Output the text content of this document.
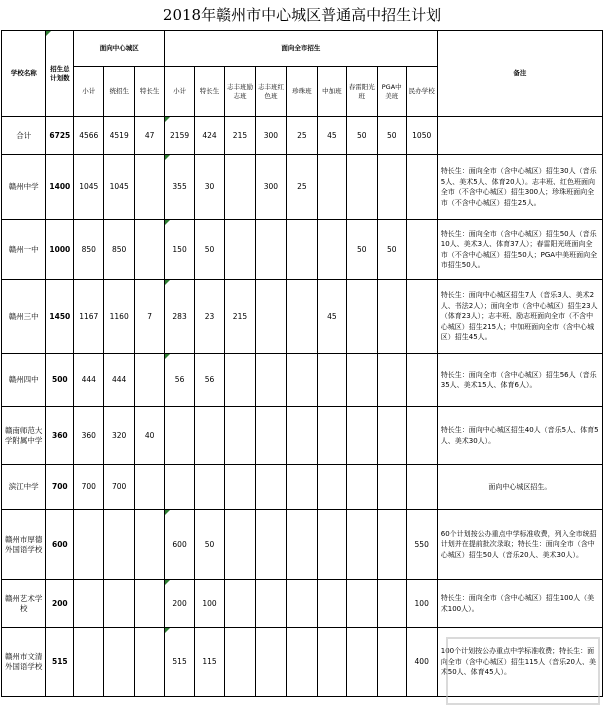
2018年赣州市中心城区普通高中招生计划
学校名称	招生总计划数	面向中心城区			面向全市招生									备注
		小计	统招生	特长生	小计	特长生	志丰班励志班	志丰班红色班	珍珠班	中加班	春雷阳光班	PGA中美班	民办学校	
合计	6725	4566	4519	47	2159	424	215	300	25	45	50	50	1050	
赣州中学	1400	1045	1045		355	30		300	25					特长生：面向全市（含中心城区）招生30人（音乐5人、美术5人、体育20人）。志丰班、红色班面向全市（不含中心城区）招生300人；珍珠班面向全市（不含中心城区）招生25人。
赣州一中	1000	850	850		150	50					50	50		特长生：面向全市（含中心城区）招生50人（音乐10人、美术3人、体育37人）；春雷阳光班面向全市（不含中心城区）招生50人；PGA中美班面向全市招生50人。
赣州三中	1450	1167	1160	7	283	23	215			45				特长生：面向中心城区招生7人（音乐3人、美术2人、书法2人）；面向全市（含中心城区）招生23人（体育23人）；志丰班、励志班面向全市（不含中心城区）招生215人；中加班面向全市（含中心城区）招生45人。
赣州四中	500	444	444		56	56								特长生：面向全市（含中心城区）招生56人（音乐35人、美术15人、体育6人）。
赣南师范大学附属中学	360	360	320	40										特长生：面向中心城区招生40人（音乐5人、体育5人、美术30人）。
滨江中学	700	700	700											面向中心城区招生。
赣州市厚德外国语学校	600				600	50							550	60个计划按公办重点中学标准收费，列入全市统招计划并在提前批次录取；特长生：面向全市（含中心城区）招生50人（音乐20人、美术30人）。
赣州艺术学校	200				200	100							100	特长生：面向全市（含中心城区）招生100人（美术100人）。
赣州市文清外国语学校	515				515	115							400	100个计划按公办重点中学标准收费；特长生：面向全市（含中心城区）招生115人（音乐20人、美术50人、体育45人）。
